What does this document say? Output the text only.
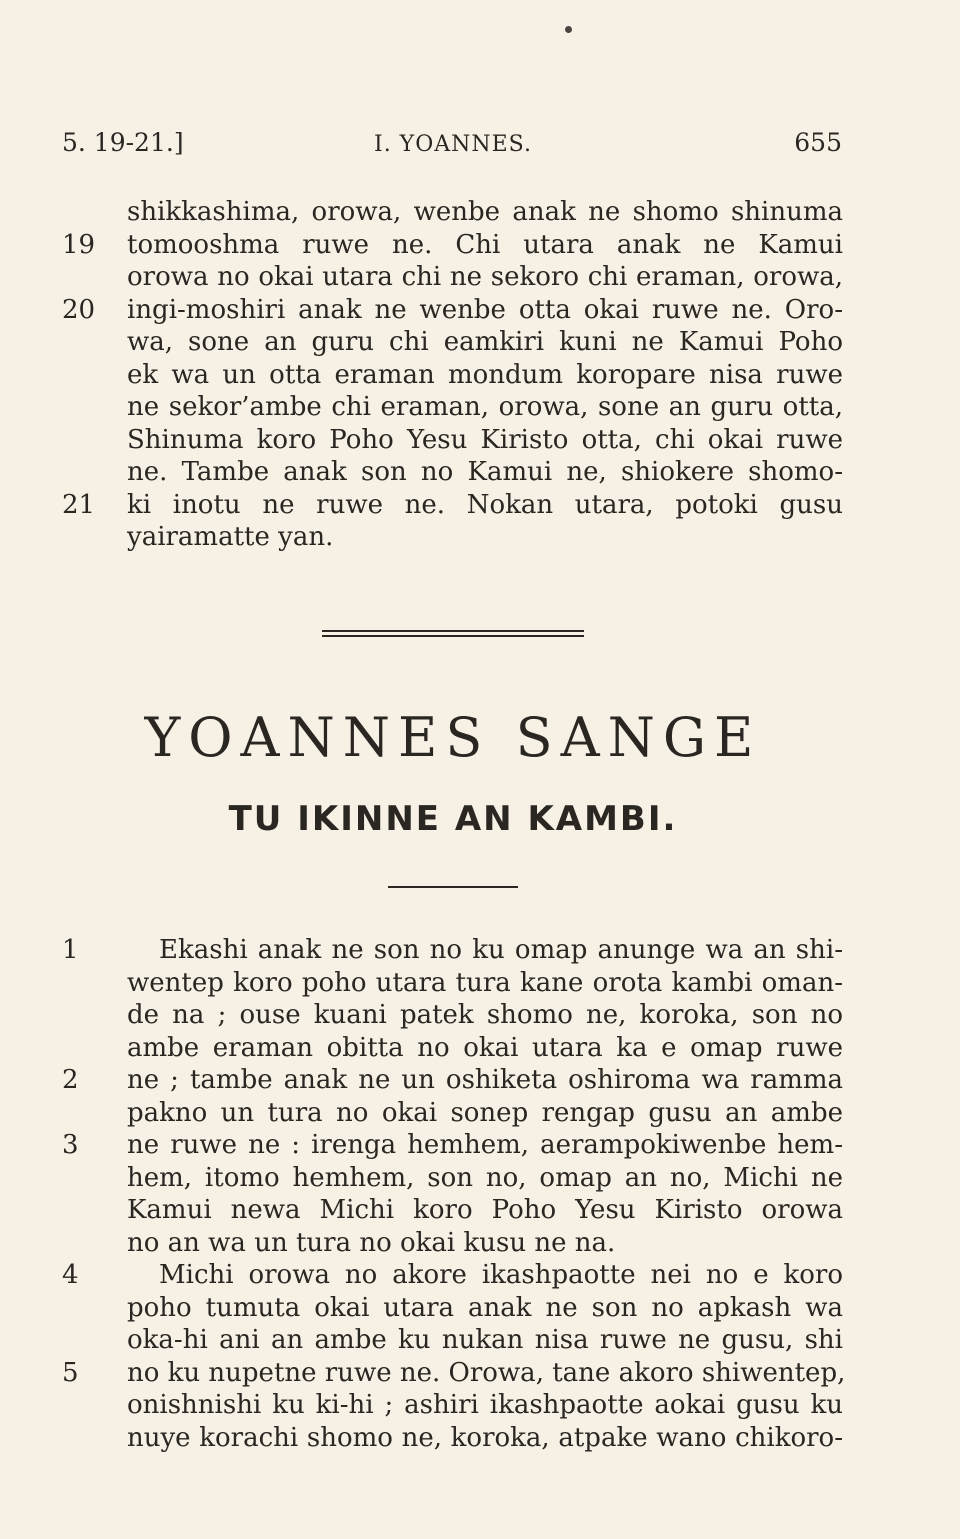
5. 19-21.]	I. YOANNES.	655
shikkashima, orowa, wenbe anak ne shomo shinuma
19 tomooshma ruwe ne. Chi utara anak ne Kamui
orowa no okai utara chi ne sekoro chi eraman, orowa,
20 ingi-moshiri anak ne wenbe otta okai ruwe ne. Oro-
wa, sone an guru chi eamkiri kuni ne Kamui Poho
ek wa un otta eraman mondum koropare nisa ruwe
ne sekor’ambe chi eraman, orowa, sone an guru otta,
Shinuma koro Poho Yesu Kiristo otta, chi okai ruwe
ne. Tambe anak son no Kamui ne, shiokere shomo-
21 ki inotu ne ruwe ne. Nokan utara, potoki gusu
yairamatte yan.
YOANNES SANGE
TU IKINNE AN KAMBI.
1	Ekashi anak ne son no ku omap anunge wa an shi-
wentep koro poho utara tura kane orota kambi oman-
de na ; ouse kuani patek shomo ne, koroka, son no
ambe eraman obitta no okai utara ka e omap ruwe
2	ne ; tambe anak ne un oshiketa oshiroma wa ramma
pakno un tura no okai sonep rengap gusu an ambe
3	ne ruwe ne : irenga hemhem, aerampokiwenbe hem-
hem, itomo hemhem, son no, omap an no, Michi ne
Kamui newa Michi koro Poho Yesu Kiristo orowa
no an wa un tura no okai kusu ne na.
4	Michi orowa no akore ikashpaotte nei no e koro
poho tumuta okai utara anak ne son no apkash wa
oka-hi ani an ambe ku nukan nisa ruwe ne gusu, shi
5	no ku nupetne ruwe ne. Orowa, tane akoro shiwentep,
onishnishi ku ki-hi ; ashiri ikashpaotte aokai gusu ku
nuye korachi shomo ne, koroka, atpake wano chikoro-
